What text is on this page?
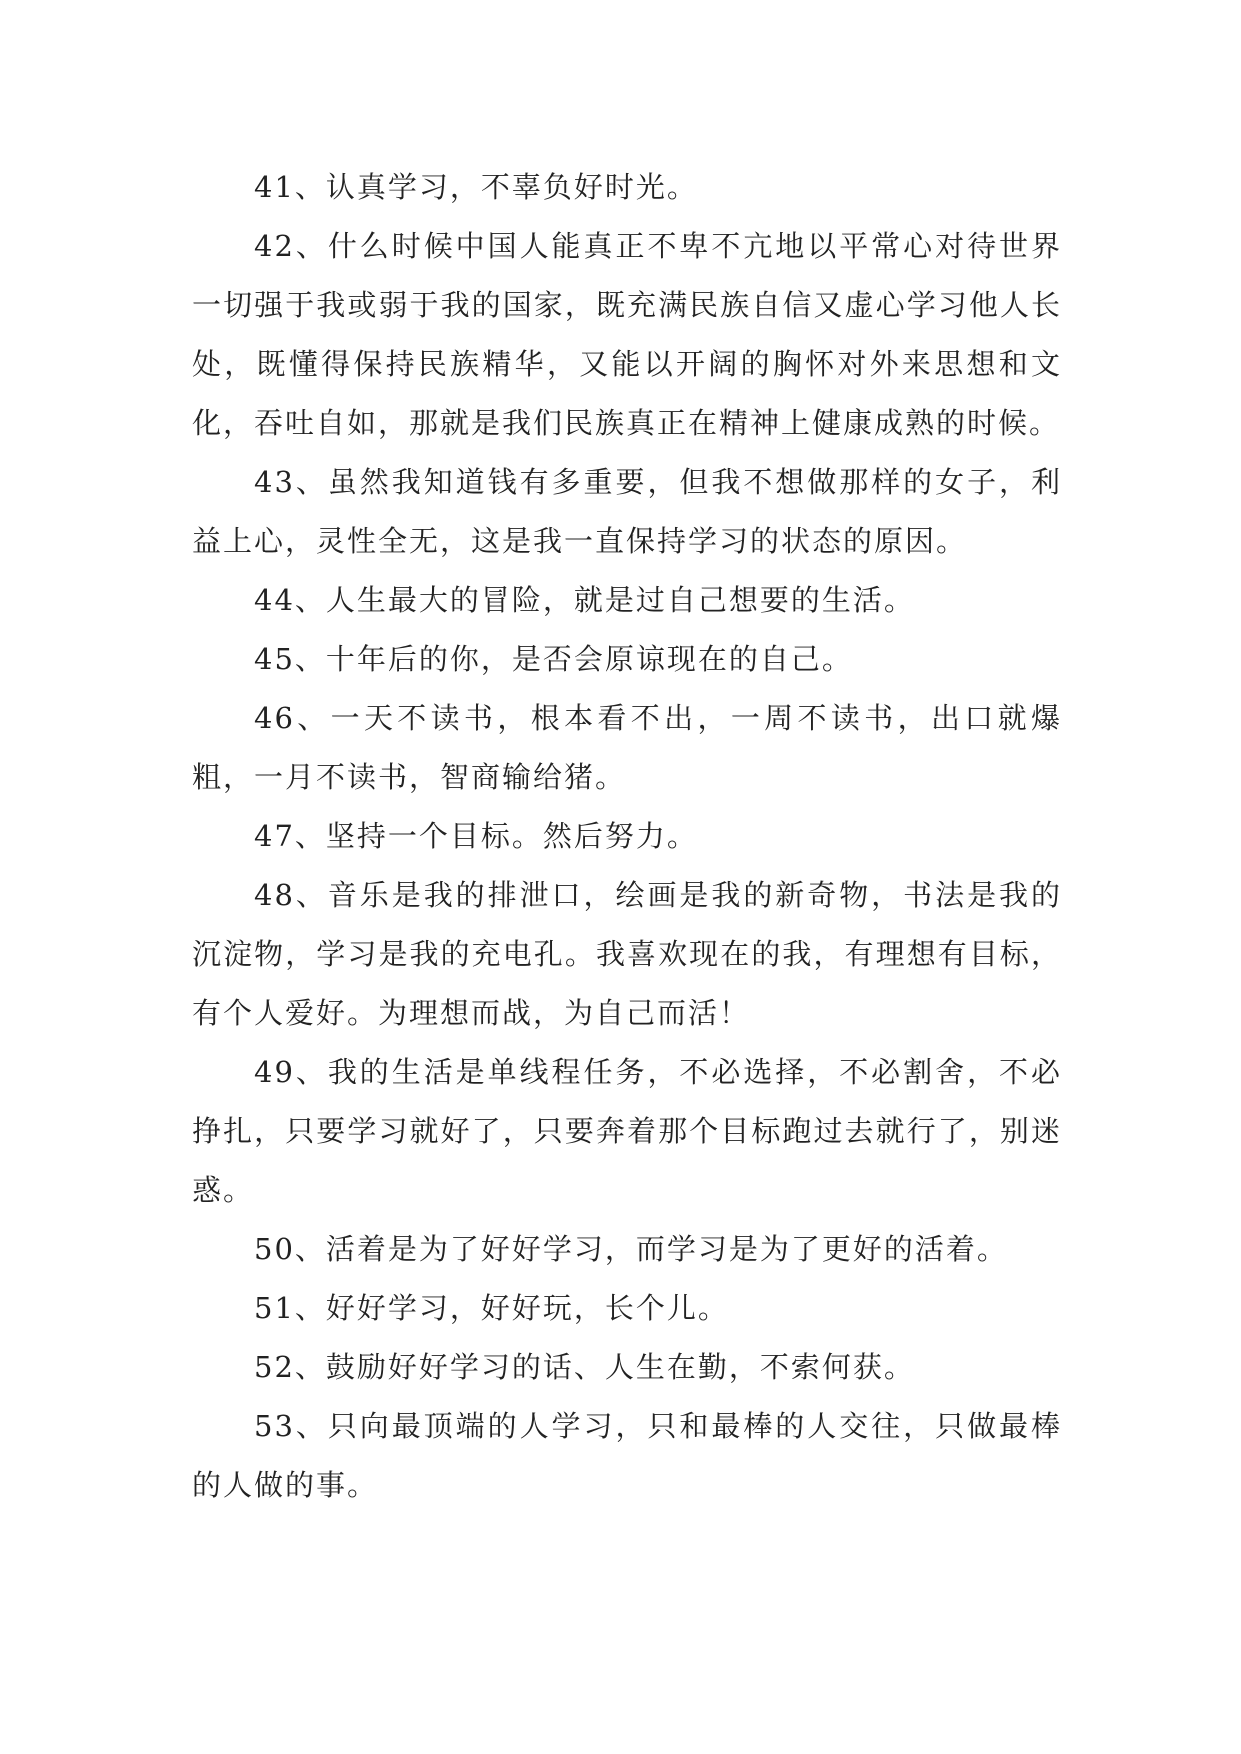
41、认真学习，不辜负好时光。

42、什么时候中国人能真正不卑不亢地以平常心对待世界一切强于我或弱于我的国家，既充满民族自信又虚心学习他人长处，既懂得保持民族精华，又能以开阔的胸怀对外来思想和文化，吞吐自如，那就是我们民族真正在精神上健康成熟的时候。

43、虽然我知道钱有多重要，但我不想做那样的女子，利益上心，灵性全无，这是我一直保持学习的状态的原因。

44、人生最大的冒险，就是过自己想要的生活。

45、十年后的你，是否会原谅现在的自己。

46、一天不读书，根本看不出，一周不读书，出口就爆粗，一月不读书，智商输给猪。

47、坚持一个目标。然后努力。

48、音乐是我的排泄口，绘画是我的新奇物，书法是我的沉淀物，学习是我的充电孔。我喜欢现在的我，有理想有目标，有个人爱好。为理想而战，为自己而活！

49、我的生活是单线程任务，不必选择，不必割舍，不必挣扎，只要学习就好了，只要奔着那个目标跑过去就行了，别迷惑。

50、活着是为了好好学习，而学习是为了更好的活着。

51、好好学习，好好玩，长个儿。

52、鼓励好好学习的话、人生在勤，不索何获。

53、只向最顶端的人学习，只和最棒的人交往，只做最棒的人做的事。
